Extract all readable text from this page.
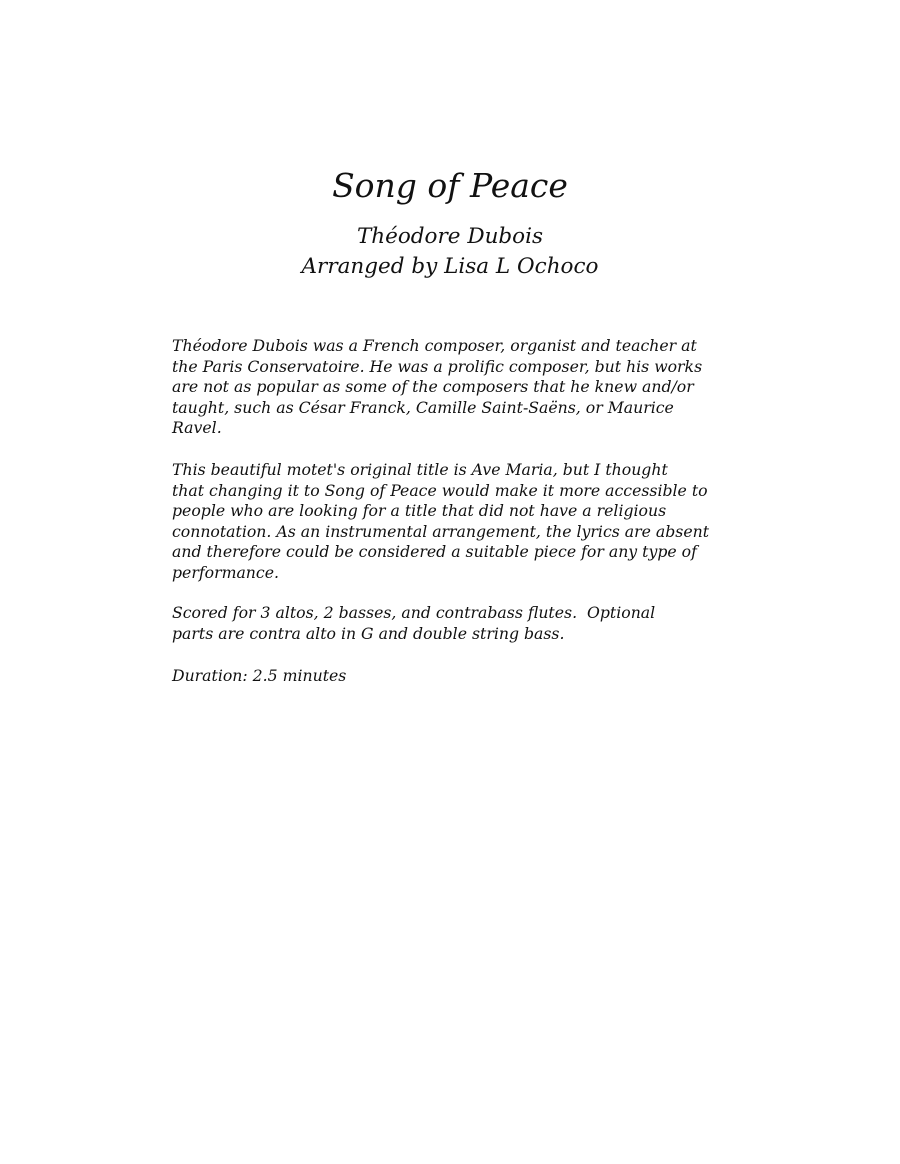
Song of Peace
Théodore Dubois
Arranged by Lisa L Ochoco

Théodore Dubois was a French composer, organist and teacher at
the Paris Conservatoire. He was a prolific composer, but his works
are not as popular as some of the composers that he knew and/or
taught, such as César Franck, Camille Saint-Saëns, or Maurice
Ravel.

This beautiful motet's original title is Ave Maria, but I thought
that changing it to Song of Peace would make it more accessible to
people who are looking for a title that did not have a religious
connotation. As an instrumental arrangement, the lyrics are absent
and therefore could be considered a suitable piece for any type of
performance.

Scored for 3 altos, 2 basses, and contrabass flutes.  Optional
parts are contra alto in G and double string bass.

Duration: 2.5 minutes
